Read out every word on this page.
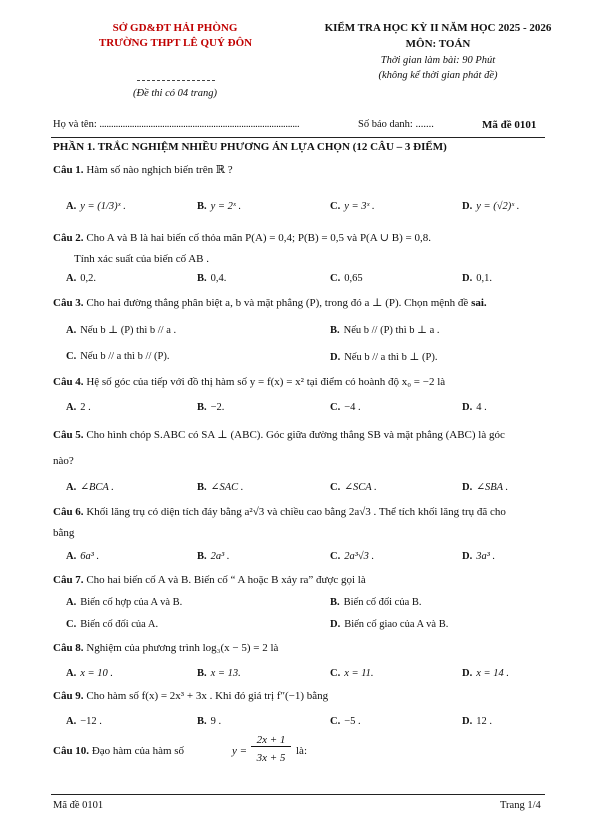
SỞ GD&ĐT HẢI PHÒNG
TRƯỜNG THPT LÊ QUÝ ĐÔN
(Đề thi có 04 trang)
KIỂM TRA HỌC KỲ II NĂM HỌC 2025 - 2026
MÔN: TOÁN
Thời gian làm bài: 90 Phút
(không kể thời gian phát đề)
Họ và tên: ......................................................................................	Số báo danh: .......	Mã đề 0101
PHẦN 1. TRẮC NGHIỆM NHIỀU PHƯƠNG ÁN LỰA CHỌN (12 CÂU – 3 ĐIỂM)
Câu 1. Hàm số nào nghịch biến trên ℝ ?
A. y = (1/3)ˣ .	B. y = 2ˣ .	C. y = 3ˣ .	D. y = (√2)ˣ .
Câu 2. Cho A và B là hai biến cố thỏa mãn P(A) = 0,4; P(B) = 0,5 và P(A ∪ B) = 0,8.
Tính xác suất của biến cố AB .
A. 0,2.	B. 0,4.	C. 0,65	D. 0,1.
Câu 3. Cho hai đường thẳng phân biệt a, b và mặt phẳng (P), trong đó a ⊥ (P). Chọn mệnh đề sai.
A. Nếu b ⊥ (P) thì b // a .	B. Nếu b // (P) thì b ⊥ a .
C. Nếu b // a thì b // (P).	D. Nếu b // a thì b ⊥ (P).
Câu 4. Hệ số góc của tiếp với đồ thị hàm số y = f(x) = x² tại điểm có hoành độ x₀ = −2 là
A. 2 .	B. −2.	C. −4 .	D. 4 .
Câu 5. Cho hình chóp S.ABC có SA ⊥ (ABC). Góc giữa đường thẳng SB và mặt phẳng (ABC) là góc
nào?
A. ∠BCA .	B. ∠SAC .	C. ∠SCA .	D. ∠SBA .
Câu 6. Khối lăng trụ có diện tích đáy bằng a²√3 và chiều cao bằng 2a√3 . Thể tích khối lăng trụ đã cho
bằng
A. 6a³ .	B. 2a³ .	C. 2a³√3 .	D. 3a³ .
Câu 7. Cho hai biến cố A và B. Biến cố “ A hoặc B xảy ra” được gọi là
A. Biến cố hợp của A và B.	B. Biến cố đối của B.
C. Biến cố đối của A.	D. Biến cố giao của A và B.
Câu 8. Nghiệm của phương trình log₃(x − 5) = 2 là
A. x = 10 .	B. x = 13.	C. x = 11.	D. x = 14 .
Câu 9. Cho hàm số f(x) = 2x³ + 3x . Khi đó giá trị f″(−1) bằng
A. −12 .	B. 9 .	C. −5 .	D. 12 .
Câu 10. Đạo hàm của hàm số	y =
2x + 1
3x + 5
là:
Mã đề 0101	Trang 1/4
